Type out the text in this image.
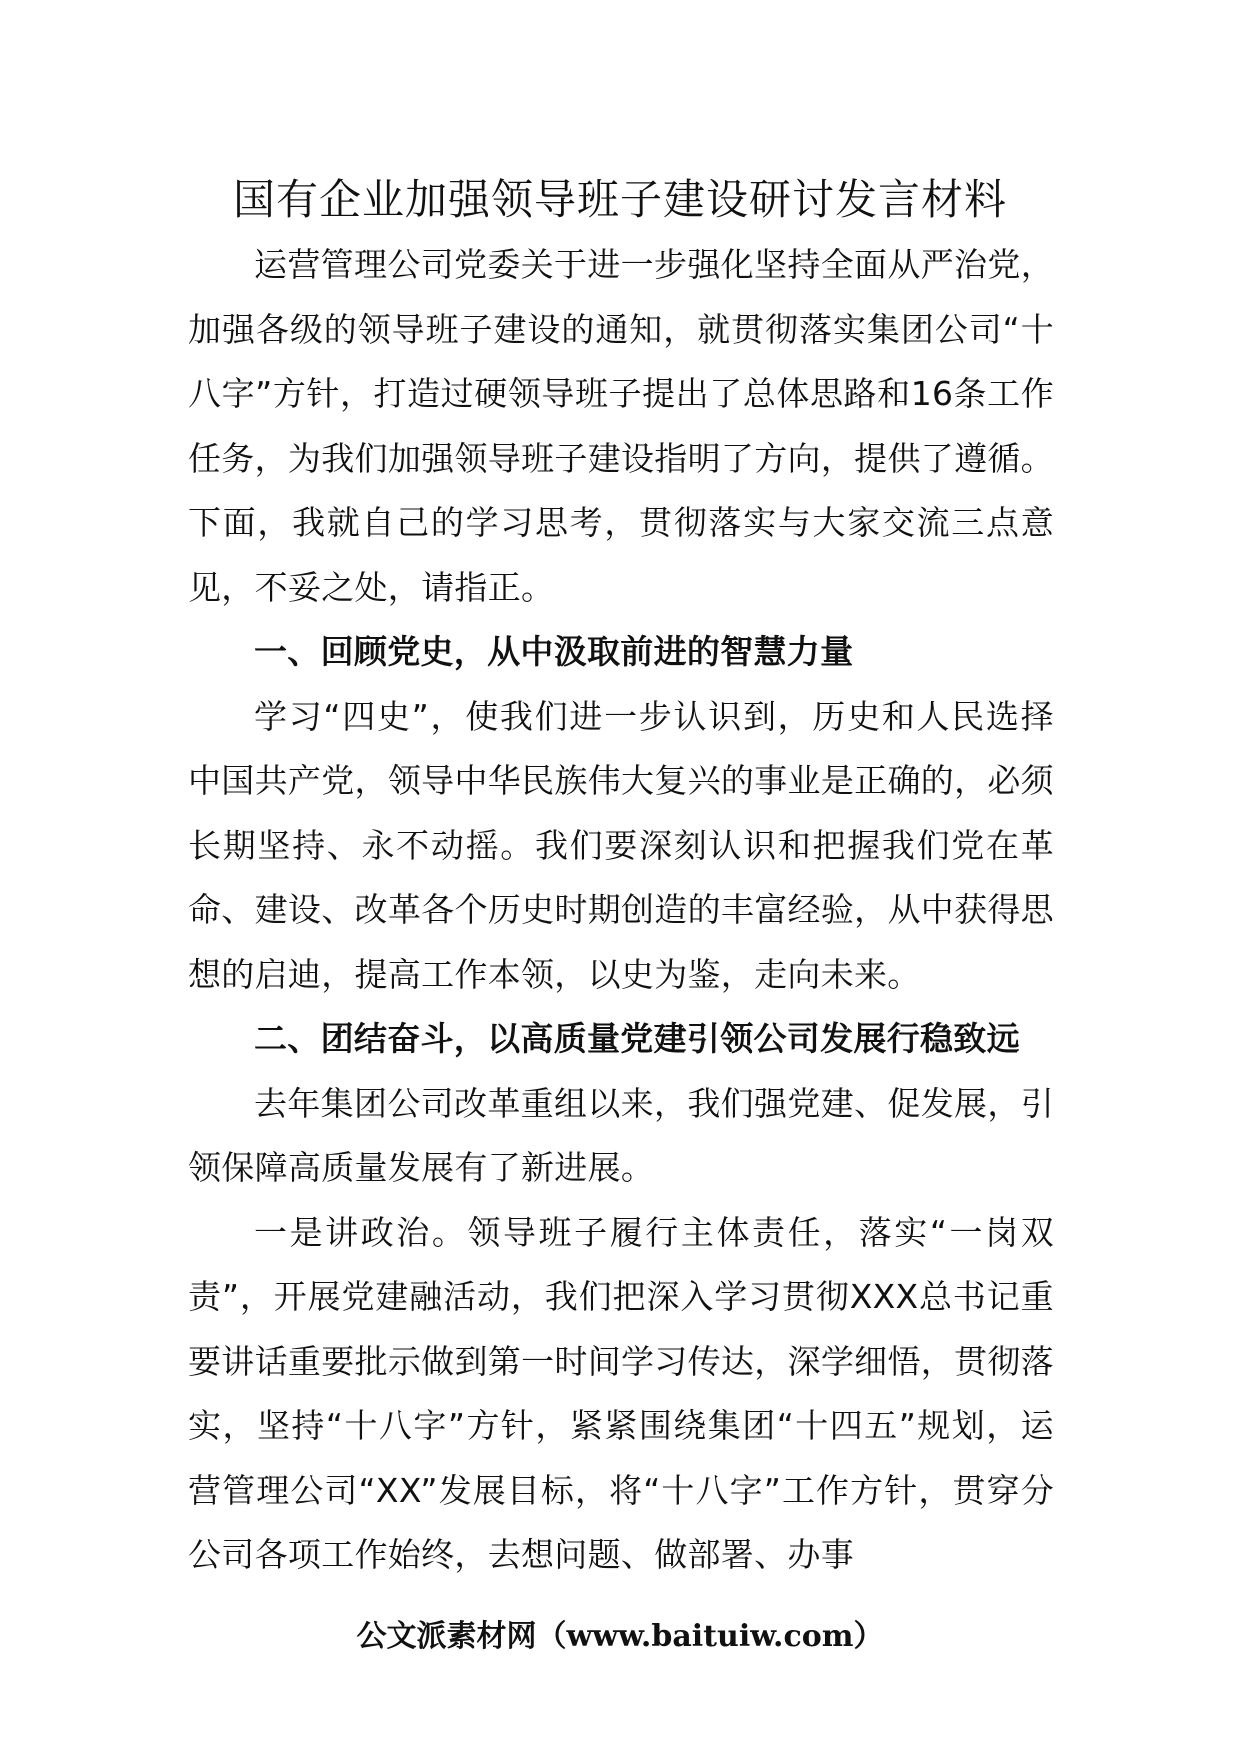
国有企业加强领导班子建设研讨发言材料

运营管理公司党委关于进一步强化坚持全面从严治党，加强各级的领导班子建设的通知，就贯彻落实集团公司“十八字”方针，打造过硬领导班子提出了总体思路和16条工作任务，为我们加强领导班子建设指明了方向，提供了遵循。下面，我就自己的学习思考，贯彻落实与大家交流三点意见，不妥之处，请指正。

一、回顾党史，从中汲取前进的智慧力量

学习“四史”，使我们进一步认识到，历史和人民选择中国共产党，领导中华民族伟大复兴的事业是正确的，必须长期坚持、永不动摇。我们要深刻认识和把握我们党在革命、建设、改革各个历史时期创造的丰富经验，从中获得思想的启迪，提高工作本领，以史为鉴，走向未来。

二、团结奋斗，以高质量党建引领公司发展行稳致远

去年集团公司改革重组以来，我们强党建、促发展，引领保障高质量发展有了新进展。

一是讲政治。领导班子履行主体责任，落实“一岗双责”，开展党建融活动，我们把深入学习贯彻XXX总书记重要讲话重要批示做到第一时间学习传达，深学细悟，贯彻落实，坚持“十八字”方针，紧紧围绕集团“十四五”规划，运营管理公司“XX”发展目标，将“十八字”工作方针，贯穿分公司各项工作始终，去想问题、做部署、办事

公文派素材网（www.baituiw.com）
